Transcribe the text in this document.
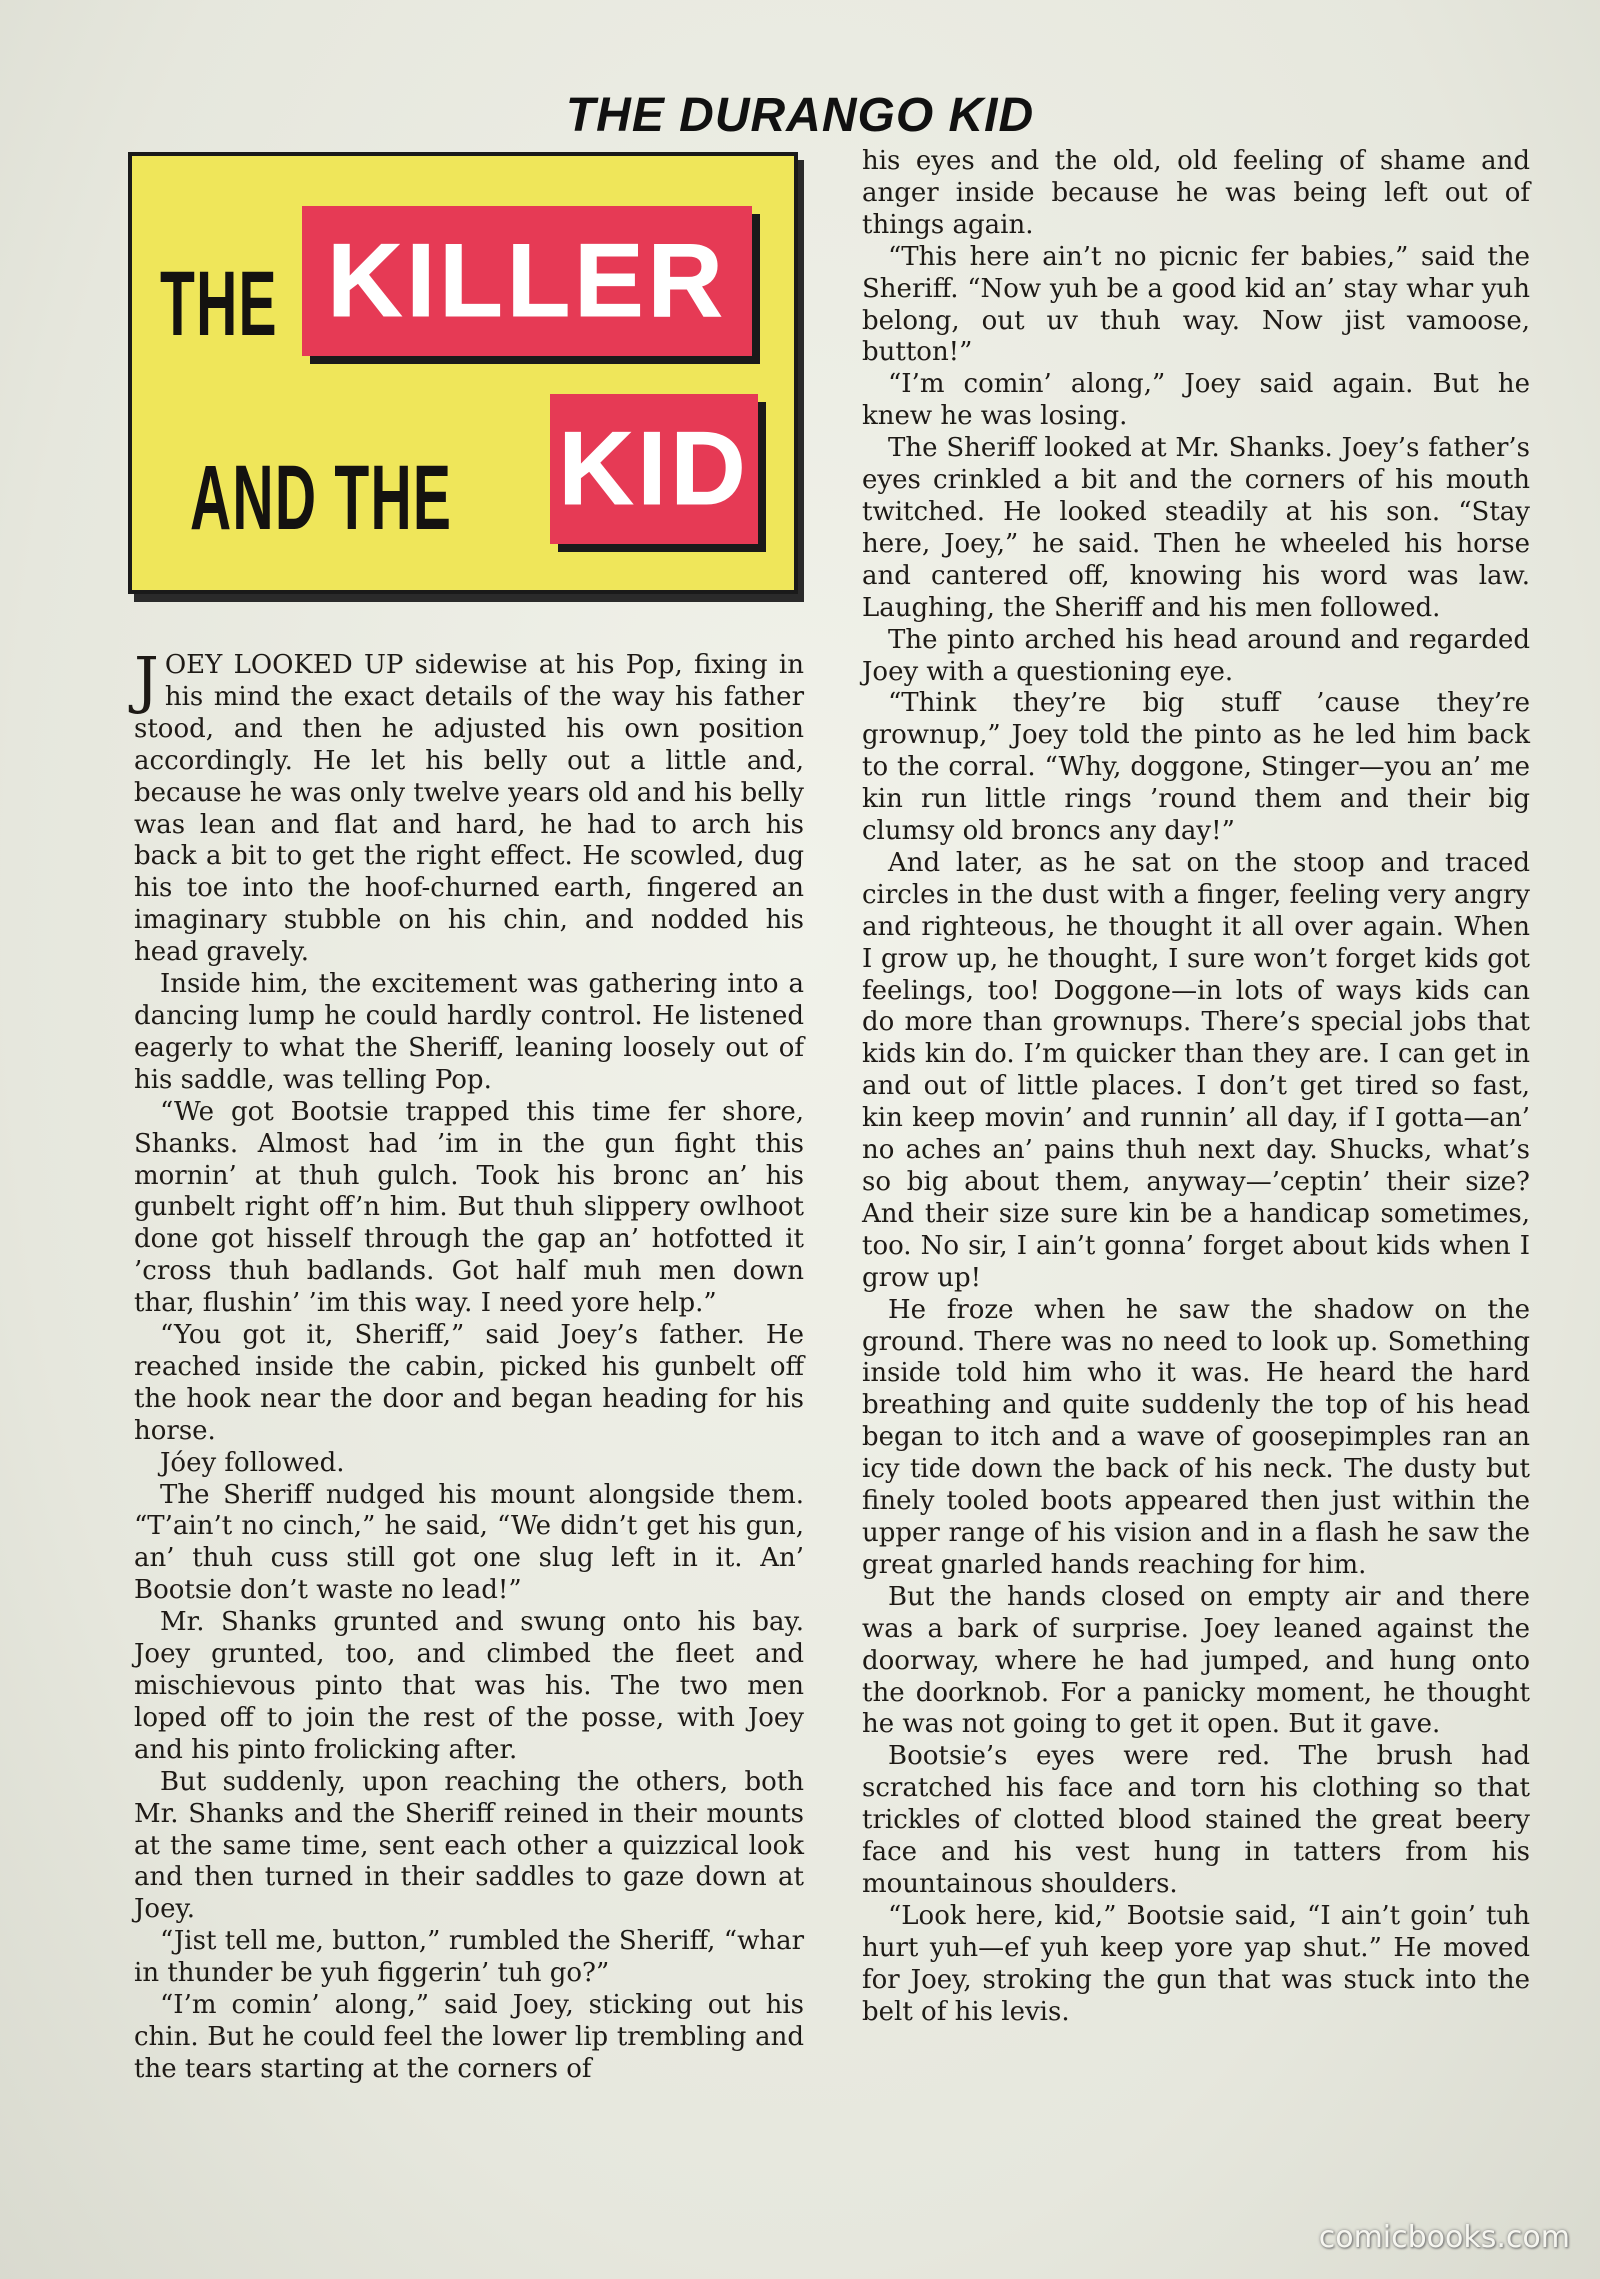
THE DURANGO KID
THE KILLER
AND THE KID

JOEY LOOKED UP sidewise at his Pop, fixing in his mind the exact details of the way his father stood, and then he adjusted his own position accordingly. He let his belly out a little and, because he was only twelve years old and his belly was lean and flat and hard, he had to arch his back a bit to get the right effect. He scowled, dug his toe into the hoof-churned earth, fingered an imaginary stubble on his chin, and nodded his head gravely.

Inside him, the excitement was gathering into a dancing lump he could hardly control. He listened eagerly to what the Sheriff, leaning loosely out of his saddle, was telling Pop.

“We got Bootsie trapped this time fer shore, Shanks. Almost had ’im in the gun fight this mornin’ at thuh gulch. Took his bronc an’ his gunbelt right off’n him. But thuh slippery owlhoot done got hisself through the gap an’ hotfotted it ’cross thuh badlands. Got half muh men down thar, flushin’ ’im this way. I need yore help.”

“You got it, Sheriff,” said Joey’s father. He reached inside the cabin, picked his gunbelt off the hook near the door and began heading for his horse.

Jóey followed.

The Sheriff nudged his mount alongside them. “T’ain’t no cinch,” he said, “We didn’t get his gun, an’ thuh cuss still got one slug left in it. An’ Bootsie don’t waste no lead!”

Mr. Shanks grunted and swung onto his bay. Joey grunted, too, and climbed the fleet and mischievous pinto that was his. The two men loped off to join the rest of the posse, with Joey and his pinto frolicking after.

But suddenly, upon reaching the others, both Mr. Shanks and the Sheriff reined in their mounts at the same time, sent each other a quizzical look and then turned in their saddles to gaze down at Joey.

“Jist tell me, button,” rumbled the Sheriff, “whar in thunder be yuh figgerin’ tuh go?”

“I’m comin’ along,” said Joey, sticking out his chin. But he could feel the lower lip trembling and the tears starting at the corners of

his eyes and the old, old feeling of shame and anger inside because he was being left out of things again.

“This here ain’t no picnic fer babies,” said the Sheriff. “Now yuh be a good kid an’ stay whar yuh belong, out uv thuh way. Now jist vamoose, button!”

“I’m comin’ along,” Joey said again. But he knew he was losing.

The Sheriff looked at Mr. Shanks. Joey’s father’s eyes crinkled a bit and the corners of his mouth twitched. He looked steadily at his son. “Stay here, Joey,” he said. Then he wheeled his horse and cantered off, knowing his word was law. Laughing, the Sheriff and his men followed.

The pinto arched his head around and regarded Joey with a questioning eye.

“Think they’re big stuff ’cause they’re grownup,” Joey told the pinto as he led him back to the corral. “Why, doggone, Stinger—you an’ me kin run little rings ’round them and their big clumsy old broncs any day!”

And later, as he sat on the stoop and traced circles in the dust with a finger, feeling very angry and righteous, he thought it all over again. When I grow up, he thought, I sure won’t forget kids got feelings, too! Doggone—in lots of ways kids can do more than grownups. There’s special jobs that kids kin do. I’m quicker than they are. I can get in and out of little places. I don’t get tired so fast, kin keep movin’ and runnin’ all day, if I gotta—an’ no aches an’ pains thuh next day. Shucks, what’s so big about them, anyway—’ceptin’ their size? And their size sure kin be a handicap sometimes, too. No sir, I ain’t gonna’ forget about kids when I grow up!

He froze when he saw the shadow on the ground. There was no need to look up. Something inside told him who it was. He heard the hard breathing and quite suddenly the top of his head began to itch and a wave of goosepimples ran an icy tide down the back of his neck. The dusty but finely tooled boots appeared then just within the upper range of his vision and in a flash he saw the great gnarled hands reaching for him.

But the hands closed on empty air and there was a bark of surprise. Joey leaned against the doorway, where he had jumped, and hung onto the doorknob. For a panicky moment, he thought he was not going to get it open. But it gave.

Bootsie’s eyes were red. The brush had scratched his face and torn his clothing so that trickles of clotted blood stained the great beery face and his vest hung in tatters from his mountainous shoulders.

“Look here, kid,” Bootsie said, “I ain’t goin’ tuh hurt yuh—ef yuh keep yore yap shut.” He moved for Joey, stroking the gun that was stuck into the belt of his levis.

comicbooks.com
